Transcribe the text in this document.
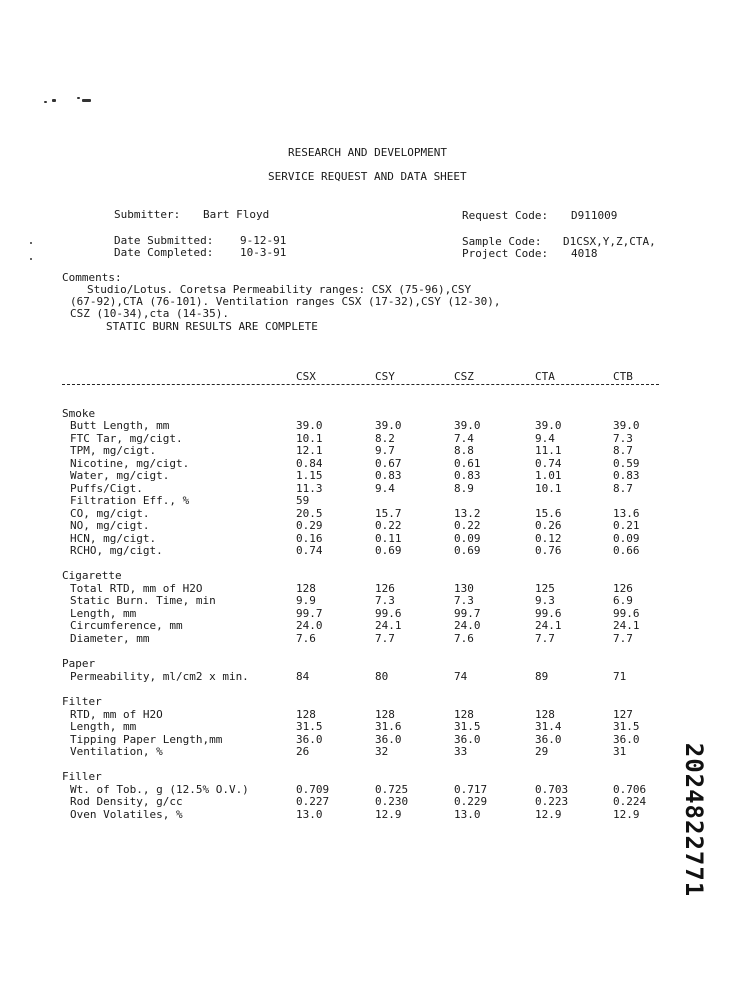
RESEARCH AND DEVELOPMENT
SERVICE REQUEST AND DATA SHEET
Submitter: Bart Floyd	Request Code: D911009
Date Submitted: 9-12-91
Date Completed: 10-3-91
Sample Code: D1CSX,Y,Z,CTA,
Project Code: 4018
Comments:
Studio/Lotus. Coretsa Permeability ranges: CSX (75-96),CSY
(67-92),CTA (76-101). Ventilation ranges CSX (17-32),CSY (12-30),
CSZ (10-34),cta (14-35).
STATIC BURN RESULTS ARE COMPLETE
CSX	CSY	CSZ	CTA	CTB
Smoke
Butt Length, mm	39.0	39.0	39.0	39.0	39.0
FTC Tar, mg/cigt.	10.1	8.2	7.4	9.4	7.3
TPM, mg/cigt.	12.1	9.7	8.8	11.1	8.7
Nicotine, mg/cigt.	0.84	0.67	0.61	0.74	0.59
Water, mg/cigt.	1.15	0.83	0.83	1.01	0.83
Puffs/Cigt.	11.3	9.4	8.9	10.1	8.7
Filtration Eff., %	59
CO, mg/cigt.	20.5	15.7	13.2	15.6	13.6
NO, mg/cigt.	0.29	0.22	0.22	0.26	0.21
HCN, mg/cigt.	0.16	0.11	0.09	0.12	0.09
RCHO, mg/cigt.	0.74	0.69	0.69	0.76	0.66
Cigarette
Total RTD, mm of H2O	128	126	130	125	126
Static Burn. Time, min	9.9	7.3	7.3	9.3	6.9
Length, mm	99.7	99.6	99.7	99.6	99.6
Circumference, mm	24.0	24.1	24.0	24.1	24.1
Diameter, mm	7.6	7.7	7.6	7.7	7.7
Paper
Permeability, ml/cm2 x min.	84	80	74	89	71
Filter
RTD, mm of H2O	128	128	128	128	127
Length, mm	31.5	31.6	31.5	31.4	31.5
Tipping Paper Length,mm	36.0	36.0	36.0	36.0	36.0
Ventilation, %	26	32	33	29	31
Filler
Wt. of Tob., g (12.5% O.V.)	0.709	0.725	0.717	0.703	0.706
Rod Density, g/cc	0.227	0.230	0.229	0.223	0.224
Oven Volatiles, %	13.0	12.9	13.0	12.9	12.9 2024822771
